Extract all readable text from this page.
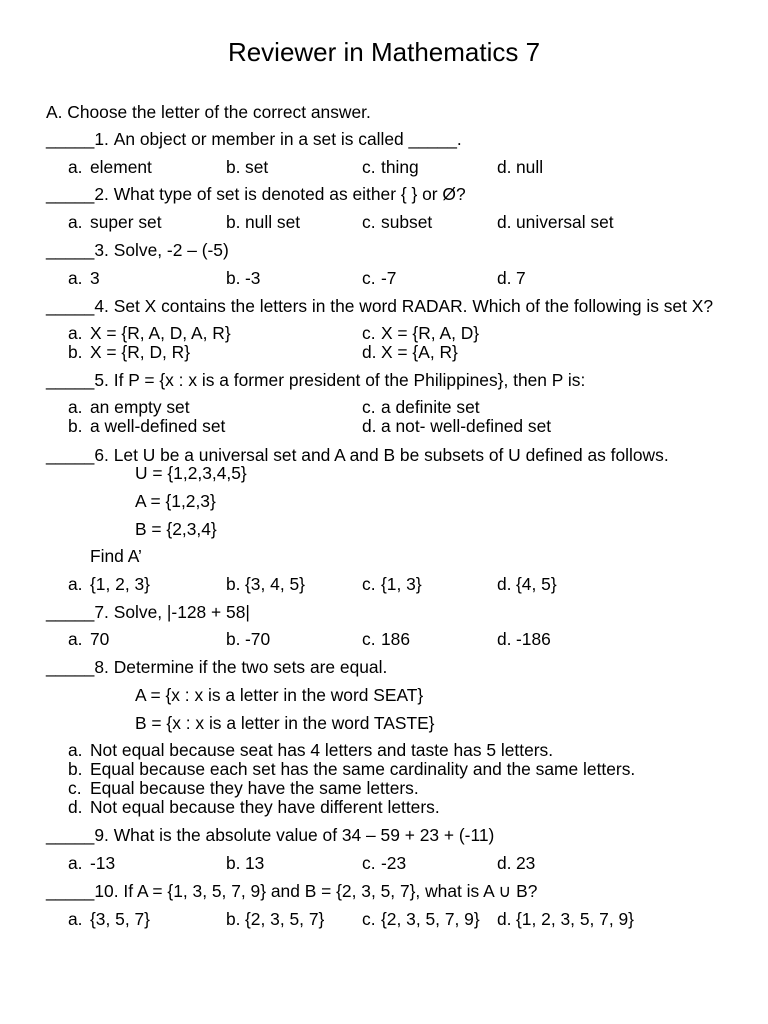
Reviewer in Mathematics 7
A. Choose the letter of the correct answer.
_____1. An object or member in a set is called _____.
a. element	b. set	c. thing	d. null
_____2. What type of set is denoted as either { } or Ø?
a. super set	b. null set	c. subset	d. universal set
_____3. Solve, -2 – (-5)
a. 3	b. -3	c. -7	d. 7
_____4. Set X contains the letters in the word RADAR. Which of the following is set X?
a. X = {R, A, D, A, R}
b. X = {R, D, R}
c. X = {R, A, D}
d. X = {A, R}
_____5. If P = {x : x is a former president of the Philippines}, then P is:
a. an empty set
b. a well-defined set
c. a definite set
d. a not- well-defined set
_____6. Let U be a universal set and A and B be subsets of U defined as follows.
U = {1,2,3,4,5}
A = {1,2,3}
B = {2,3,4}
Find A’
a. {1, 2, 3}	b. {3, 4, 5}	c. {1, 3}	d. {4, 5}
_____7. Solve, |-128 + 58|
a. 70	b. -70	c. 186	d. -186
_____8. Determine if the two sets are equal.
A = {x : x is a letter in the word SEAT}
B = {x : x is a letter in the word TASTE}
a. Not equal because seat has 4 letters and taste has 5 letters.
b. Equal because each set has the same cardinality and the same letters.
c. Equal because they have the same letters.
d. Not equal because they have different letters.
_____9. What is the absolute value of 34 – 59 + 23 + (-11)
a. -13	b. 13	c. -23	d. 23
_____10. If A = {1, 3, 5, 7, 9} and B = {2, 3, 5, 7}, what is A ∪ B?
a. {3, 5, 7}	b. {2, 3, 5, 7} c. {2, 3, 5, 7, 9} d. {1, 2, 3, 5, 7, 9}
